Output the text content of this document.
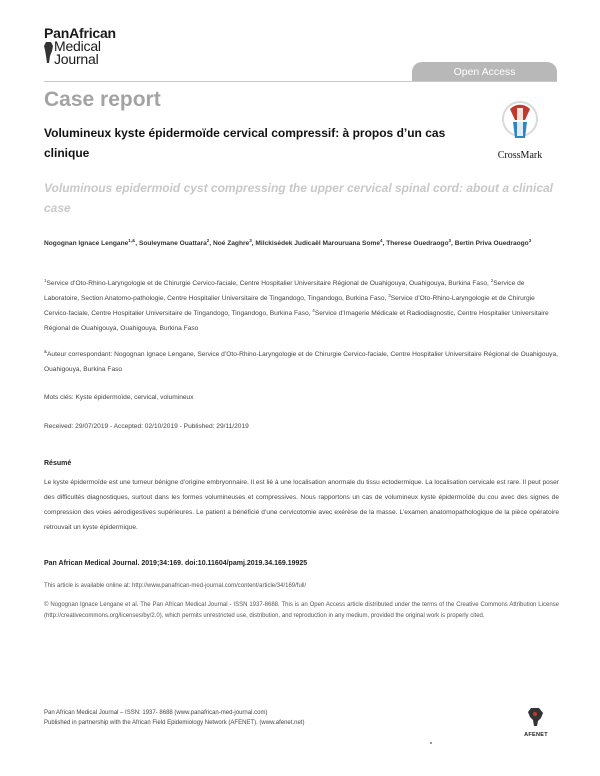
PanAfrican
Medical
Journal
Open Access
Case report
Volumineux kyste épidermoïde cervical compressif: à propos d’un cas clinique	CrossMark
Voluminous epidermoid cyst compressing the upper cervical spinal cord: about a clinical case
Nogognan Ignace Lengane$^{1,\&}$, Souleymane Ouattara$^2$, Noé Zaghre$^3$, Milckisédek Judicaël Marouruana Some$^4$, Therese Ouedraogo$^3$, Bertin Priva Ouedraogo$^3$
$^1$Service d’Oto-Rhino-Laryngologie et de Chirurgie Cervico-faciale, Centre Hospitalier Universitaire Régional de Ouahigouya, Ouahigouya, Burkina Faso, $^2$Service de Laboratoire, Section Anatomo-pathologie, Centre Hospitalier Universitaire de Tingandogo, Tingandogo, Burkina Faso, $^3$Service d’Oto-Rhino-Laryngologie et de Chirurgie Cervico-faciale, Centre Hospitalier Universitaire de Tingandogo, Tingandogo, Burkina Faso, $^4$Service d’Imagerie Médicale et Radiodiagnostic, Centre Hospitalier Universitaire Régional de Ouahigouya, Ouahigouya, Burkina Faso
&Auteur correspondant: Nogognan Ignace Lengane, Service d’Oto-Rhino-Laryngologie et de Chirurgie Cervico-faciale, Centre Hospitalier Universitaire Régional de Ouahigouya, Ouahigouya, Burkina Faso
Mots clés: Kyste épidermoïde, cervical, volumineux
Received: 29/07/2019 - Accepted: 02/10/2019 - Published: 29/11/2019
Résumé
Le kyste épidermoïde est une tumeur bénigne d’origine embryonnaire. Il est lié à une localisation anormale du tissu ectodermique. La localisation cervicale est rare. Il peut poser des difficultés diagnostiques, surtout dans les formes volumineuses et compressives. Nous rapportons un cas de volumineux kyste épidermoïde du cou avec des signes de compression des voies aérodigestives supérieures. Le patient a bénéficié d’une cervicotomie avec exérèse de la masse. L’examen anatomopathologique de la pièce opératoire retrouvait un kyste épidermique.
Pan African Medical Journal. 2019;34:169. doi:10.11604/pamj.2019.34.169.19925
This article is available online at: http://www.panafrican-med-journal.com/content/article/34/169/full/
© Nogognan Ignace Lengane et al. The Pan African Medical Journal - ISSN 1937-8688. This is an Open Access article distributed under the terms of the Creative Commons Attribution License (http://creativecommons.org/licenses/by/2.0), which permits unrestricted use, distribution, and reproduction in any medium, provided the original work is properly cited.
Pan African Medical Journal – ISSN: 1937- 8688 (www.panafrican-med-journal.com)
Published in partnership with the African Field Epidemiology Network (AFENET). (www.afenet.net)
AFENET
